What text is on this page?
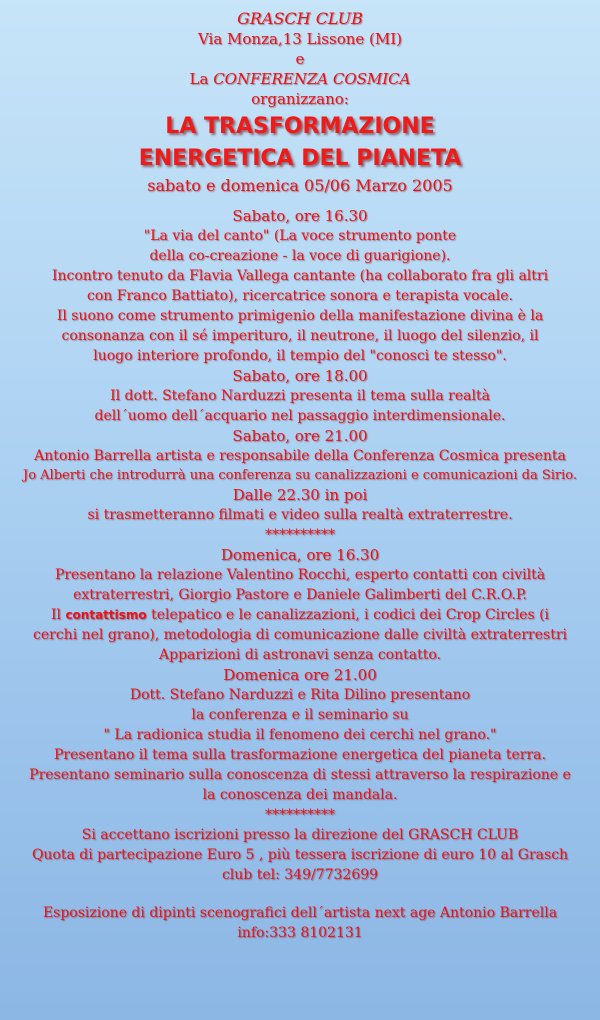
GRASCH CLUB
Via Monza,13 Lissone (MI)
e
La CONFERENZA COSMICA
organizzano:
LA TRASFORMAZIONE
ENERGETICA DEL PIANETA
sabato e domenica 05/06 Marzo 2005
Sabato, ore 16.30
"La via del canto" (La voce strumento ponte
della co-creazione - la voce di guarigione).
Incontro tenuto da Flavia Vallega cantante (ha collaborato fra gli altri
con Franco Battiato), ricercatrice sonora e terapista vocale.
Il suono come strumento primigenio della manifestazione divina è la
consonanza con il sé imperituro, il neutrone, il luogo del silenzio, il
luogo interiore profondo, il tempio del "conosci te stesso".
Sabato, ore 18.00
Il dott. Stefano Narduzzi presenta il tema sulla realtà
dell´uomo dell´acquario nel passaggio interdimensionale.
Sabato, ore 21.00
Antonio Barrella artista e responsabile della Conferenza Cosmica presenta
Jo Alberti che introdurrà una conferenza su canalizzazioni e comunicazioni da Sirio.
Dalle 22.30 in poi
si trasmetteranno filmati e video sulla realtà extraterrestre.
**********
Domenica, ore 16.30
Presentano la relazione Valentino Rocchi, esperto contatti con civiltà
extraterrestri, Giorgio Pastore e Daniele Galimberti del C.R.O.P.
Il contattismo telepatico e le canalizzazioni, i codici dei Crop Circles (i
cerchi nel grano), metodologia di comunicazione dalle civiltà extraterrestri
Apparizioni di astronavi senza contatto.
Domenica ore 21.00
Dott. Stefano Narduzzi e Rita Dilino presentano
la conferenza e il seminario su
" La radionica studia il fenomeno dei cerchi nel grano."
Presentano il tema sulla trasformazione energetica del pianeta terra.
Presentano seminario sulla conoscenza di stessi attraverso la respirazione e
la conoscenza dei mandala.
**********
Si accettano iscrizioni presso la direzione del GRASCH CLUB
Quota di partecipazione Euro 5 , più tessera iscrizione di euro 10 al Grasch
club tel: 349/7732699
Esposizione di dipinti scenografici dell´artista next age Antonio Barrella
info:333 8102131
